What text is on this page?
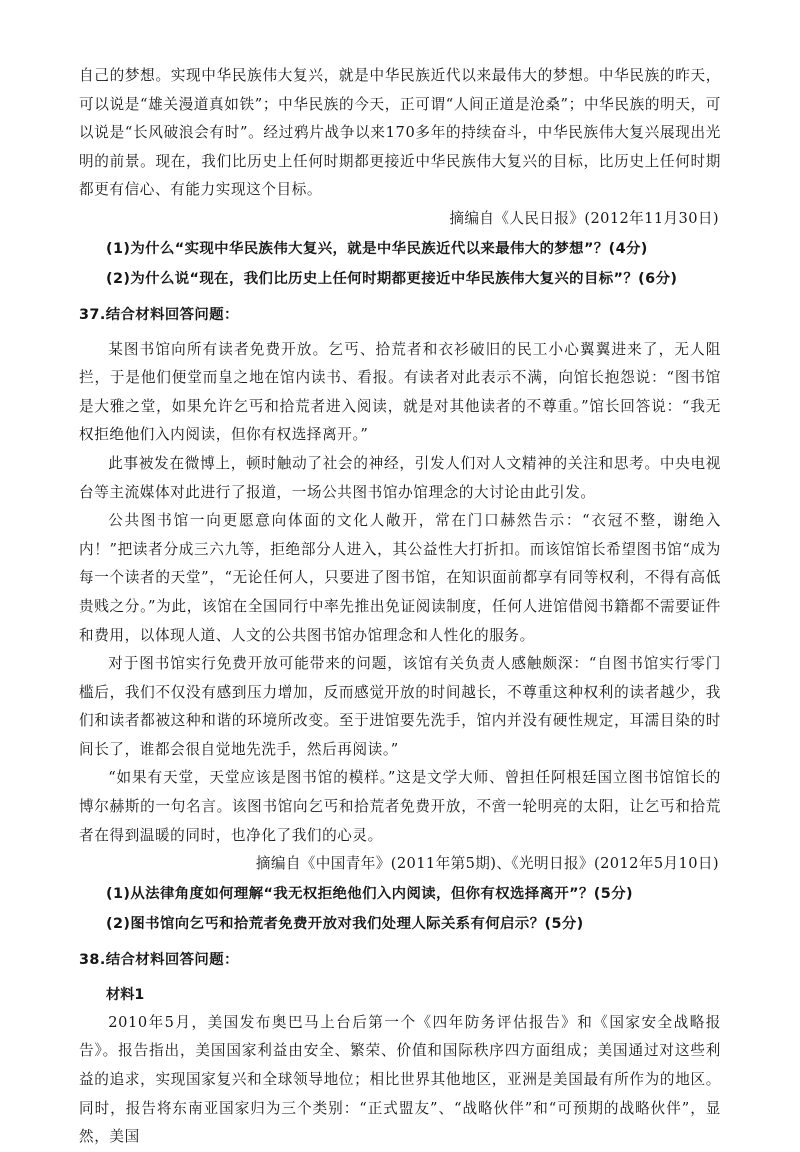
自己的梦想。实现中华民族伟大复兴，就是中华民族近代以来最伟大的梦想。中华民族的昨天，可以说是“雄关漫道真如铁”；中华民族的今天，正可谓“人间正道是沧桑”；中华民族的明天，可以说是“长风破浪会有时”。经过鸦片战争以来170多年的持续奋斗，中华民族伟大复兴展现出光明的前景。现在，我们比历史上任何时期都更接近中华民族伟大复兴的目标，比历史上任何时期都更有信心、有能力实现这个目标。

摘编自《人民日报》(2012年11月30日)

(1)为什么“实现中华民族伟大复兴，就是中华民族近代以来最伟大的梦想”？(4分)

(2)为什么说“现在，我们比历史上任何时期都更接近中华民族伟大复兴的目标”？(6分)

37.结合材料回答问题：

某图书馆向所有读者免费开放。乞丐、拾荒者和衣衫破旧的民工小心翼翼进来了，无人阻拦，于是他们便堂而皇之地在馆内读书、看报。有读者对此表示不满，向馆长抱怨说：“图书馆是大雅之堂，如果允许乞丐和拾荒者进入阅读，就是对其他读者的不尊重。”馆长回答说：“我无权拒绝他们入内阅读，但你有权选择离开。”

此事被发在微博上，顿时触动了社会的神经，引发人们对人文精神的关注和思考。中央电视台等主流媒体对此进行了报道，一场公共图书馆办馆理念的大讨论由此引发。

公共图书馆一向更愿意向体面的文化人敞开，常在门口赫然告示：“衣冠不整，谢绝入内！”把读者分成三六九等，拒绝部分人进入，其公益性大打折扣。而该馆馆长希望图书馆“成为每一个读者的天堂”，“无论任何人，只要进了图书馆，在知识面前都享有同等权利，不得有高低贵贱之分。”为此，该馆在全国同行中率先推出免证阅读制度，任何人进馆借阅书籍都不需要证件和费用，以体现人道、人文的公共图书馆办馆理念和人性化的服务。

对于图书馆实行免费开放可能带来的问题，该馆有关负责人感触颇深：“自图书馆实行零门槛后，我们不仅没有感到压力增加，反而感觉开放的时间越长，不尊重这种权利的读者越少，我们和读者都被这种和谐的环境所改变。至于进馆要先洗手，馆内并没有硬性规定，耳濡目染的时间长了，谁都会很自觉地先洗手，然后再阅读。”

“如果有天堂，天堂应该是图书馆的模样。”这是文学大师、曾担任阿根廷国立图书馆馆长的博尔赫斯的一句名言。该图书馆向乞丐和拾荒者免费开放，不啻一轮明亮的太阳，让乞丐和拾荒者在得到温暖的同时，也净化了我们的心灵。

摘编自《中国青年》(2011年第5期)、《光明日报》(2012年5月10日)

(1)从法律角度如何理解“我无权拒绝他们入内阅读，但你有权选择离开”？(5分)

(2)图书馆向乞丐和拾荒者免费开放对我们处理人际关系有何启示？(5分)

38.结合材料回答问题：

材料1

2010年5月，美国发布奥巴马上台后第一个《四年防务评估报告》和《国家安全战略报告》。报告指出，美国国家利益由安全、繁荣、价值和国际秩序四方面组成；美国通过对这些利益的追求，实现国家复兴和全球领导地位；相比世界其他地区，亚洲是美国最有所作为的地区。同时，报告将东南亚国家归为三个类别：“正式盟友”、“战略伙伴”和“可预期的战略伙伴”，显然，美国
